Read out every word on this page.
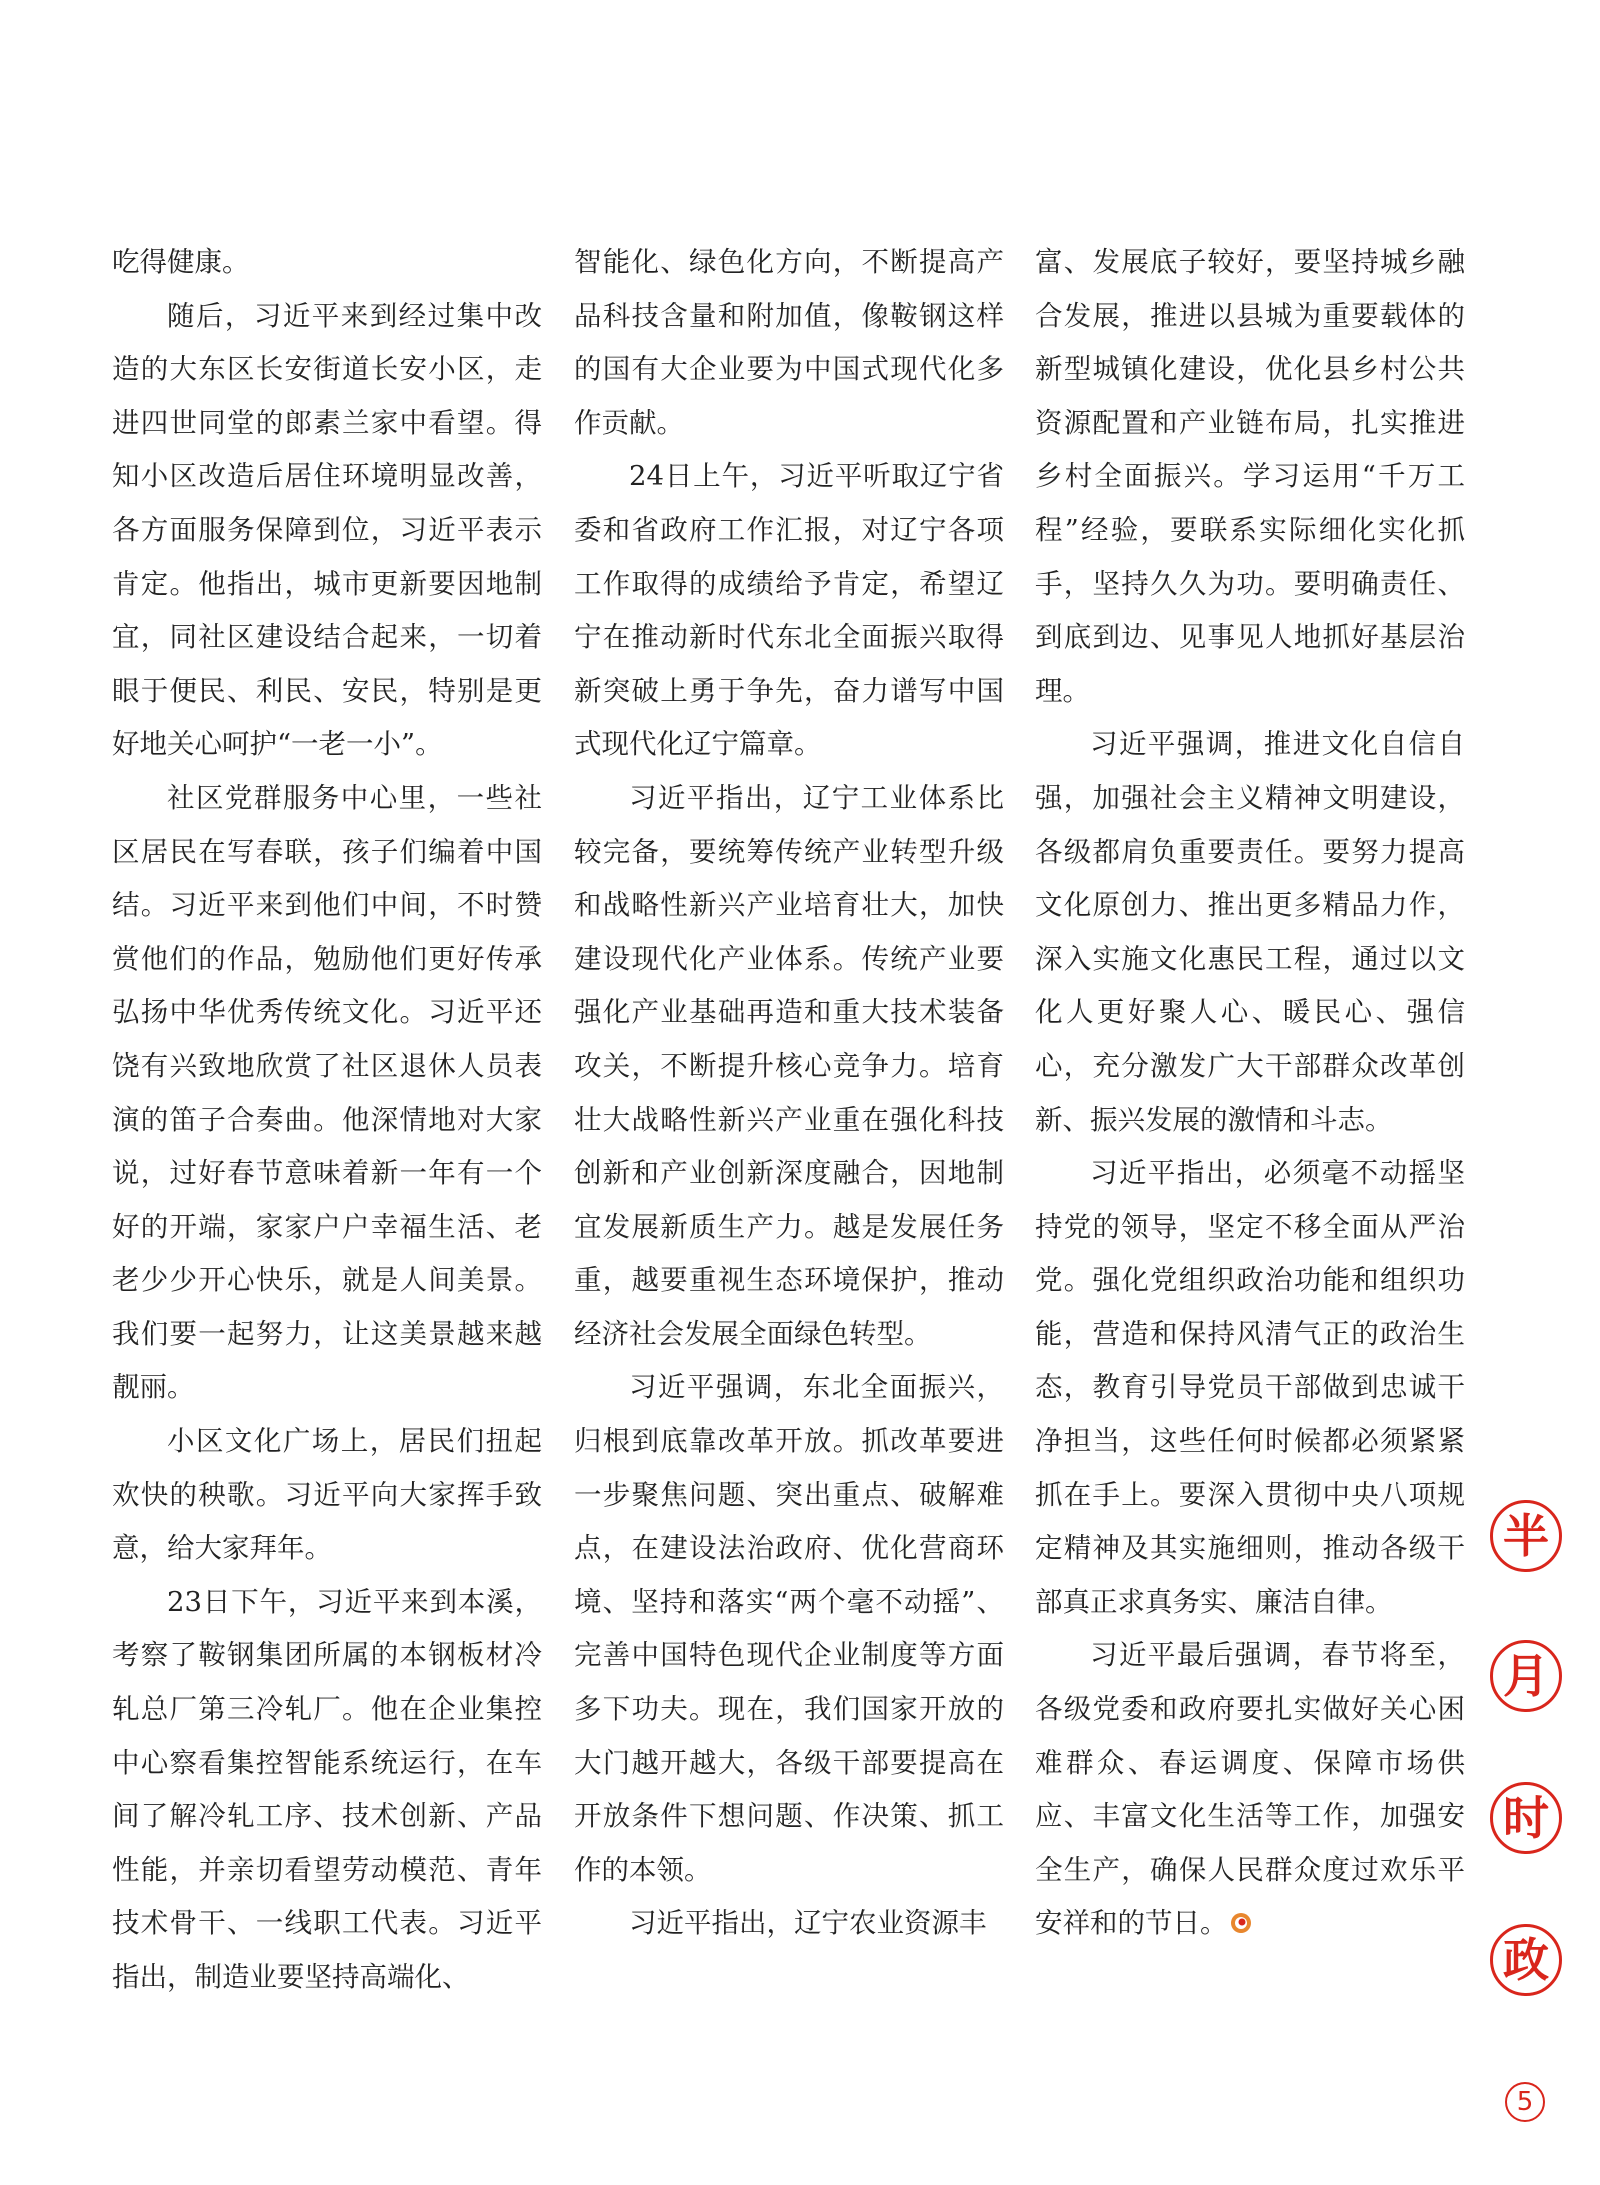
吃得健康。

随后，习近平来到经过集中改造的大东区长安街道长安小区，走进四世同堂的郎素兰家中看望。得知小区改造后居住环境明显改善，各方面服务保障到位，习近平表示肯定。他指出，城市更新要因地制宜，同社区建设结合起来，一切着眼于便民、利民、安民，特别是更好地关心呵护“一老一小”。

社区党群服务中心里，一些社区居民在写春联，孩子们编着中国结。习近平来到他们中间，不时赞赏他们的作品，勉励他们更好传承弘扬中华优秀传统文化。习近平还饶有兴致地欣赏了社区退休人员表演的笛子合奏曲。他深情地对大家说，过好春节意味着新一年有一个好的开端，家家户户幸福生活、老老少少开心快乐，就是人间美景。我们要一起努力，让这美景越来越靓丽。

小区文化广场上，居民们扭起欢快的秧歌。习近平向大家挥手致意，给大家拜年。

23日下午，习近平来到本溪，考察了鞍钢集团所属的本钢板材冷轧总厂第三冷轧厂。他在企业集控中心察看集控智能系统运行，在车间了解冷轧工序、技术创新、产品性能，并亲切看望劳动模范、青年技术骨干、一线职工代表。习近平指出，制造业要坚持高端化、

智能化、绿色化方向，不断提高产品科技含量和附加值，像鞍钢这样的国有大企业要为中国式现代化多作贡献。

24日上午，习近平听取辽宁省委和省政府工作汇报，对辽宁各项工作取得的成绩给予肯定，希望辽宁在推动新时代东北全面振兴取得新突破上勇于争先，奋力谱写中国式现代化辽宁篇章。

习近平指出，辽宁工业体系比较完备，要统筹传统产业转型升级和战略性新兴产业培育壮大，加快建设现代化产业体系。传统产业要强化产业基础再造和重大技术装备攻关，不断提升核心竞争力。培育壮大战略性新兴产业重在强化科技创新和产业创新深度融合，因地制宜发展新质生产力。越是发展任务重，越要重视生态环境保护，推动经济社会发展全面绿色转型。

习近平强调，东北全面振兴，归根到底靠改革开放。抓改革要进一步聚焦问题、突出重点、破解难点，在建设法治政府、优化营商环境、坚持和落实“两个毫不动摇”、完善中国特色现代企业制度等方面多下功夫。现在，我们国家开放的大门越开越大，各级干部要提高在开放条件下想问题、作决策、抓工作的本领。

习近平指出，辽宁农业资源丰

富、发展底子较好，要坚持城乡融合发展，推进以县城为重要载体的新型城镇化建设，优化县乡村公共资源配置和产业链布局，扎实推进乡村全面振兴。学习运用“千万工程”经验，要联系实际细化实化抓手，坚持久久为功。要明确责任、到底到边、见事见人地抓好基层治理。

习近平强调，推进文化自信自强，加强社会主义精神文明建设，各级都肩负重要责任。要努力提高文化原创力、推出更多精品力作，深入实施文化惠民工程，通过以文化人更好聚人心、暖民心、强信心，充分激发广大干部群众改革创新、振兴发展的激情和斗志。

习近平指出，必须毫不动摇坚持党的领导，坚定不移全面从严治党。强化党组织政治功能和组织功能，营造和保持风清气正的政治生态，教育引导党员干部做到忠诚干净担当，这些任何时候都必须紧紧抓在手上。要深入贯彻中央八项规定精神及其实施细则，推动各级干部真正求真务实、廉洁自律。

习近平最后强调，春节将至，各级党委和政府要扎实做好关心困难群众、春运调度、保障市场供应、丰富文化生活等工作，加强安全生产，确保人民群众度过欢乐平安祥和的节日。

半
月
时
政
5
